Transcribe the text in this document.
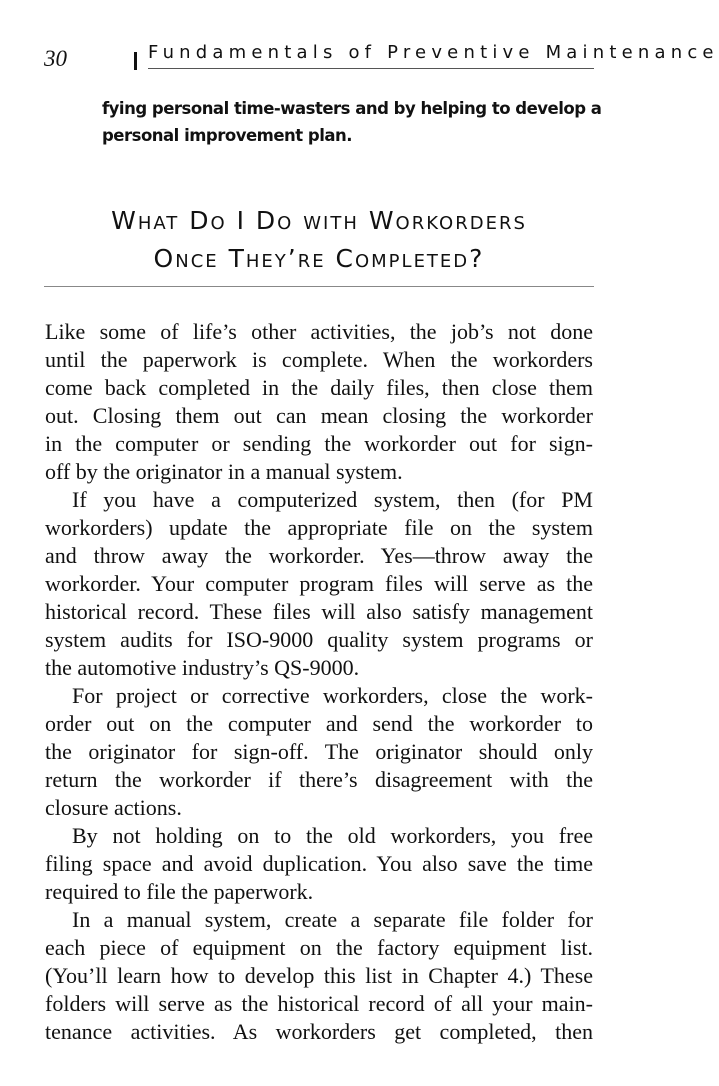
30	Fundamentals of Preventive Maintenance
fying personal time-wasters and by helping to develop a
personal improvement plan.
What Do I Do with Workorders
Once They’re Completed?
Like some of life’s other activities, the job’s not done
until the paperwork is complete. When the workorders
come back completed in the daily files, then close them
out. Closing them out can mean closing the workorder
in the computer or sending the workorder out for sign-
off by the originator in a manual system.
If you have a computerized system, then (for PM
workorders) update the appropriate file on the system
and throw away the workorder. Yes—throw away the
workorder. Your computer program files will serve as the
historical record. These files will also satisfy management
system audits for ISO-9000 quality system programs or
the automotive industry’s QS-9000.
For project or corrective workorders, close the work-
order out on the computer and send the workorder to
the originator for sign-off. The originator should only
return the workorder if there’s disagreement with the
closure actions.
By not holding on to the old workorders, you free
filing space and avoid duplication. You also save the time
required to file the paperwork.
In a manual system, create a separate file folder for
each piece of equipment on the factory equipment list.
(You’ll learn how to develop this list in Chapter 4.) These
folders will serve as the historical record of all your main-
tenance activities. As workorders get completed, then
